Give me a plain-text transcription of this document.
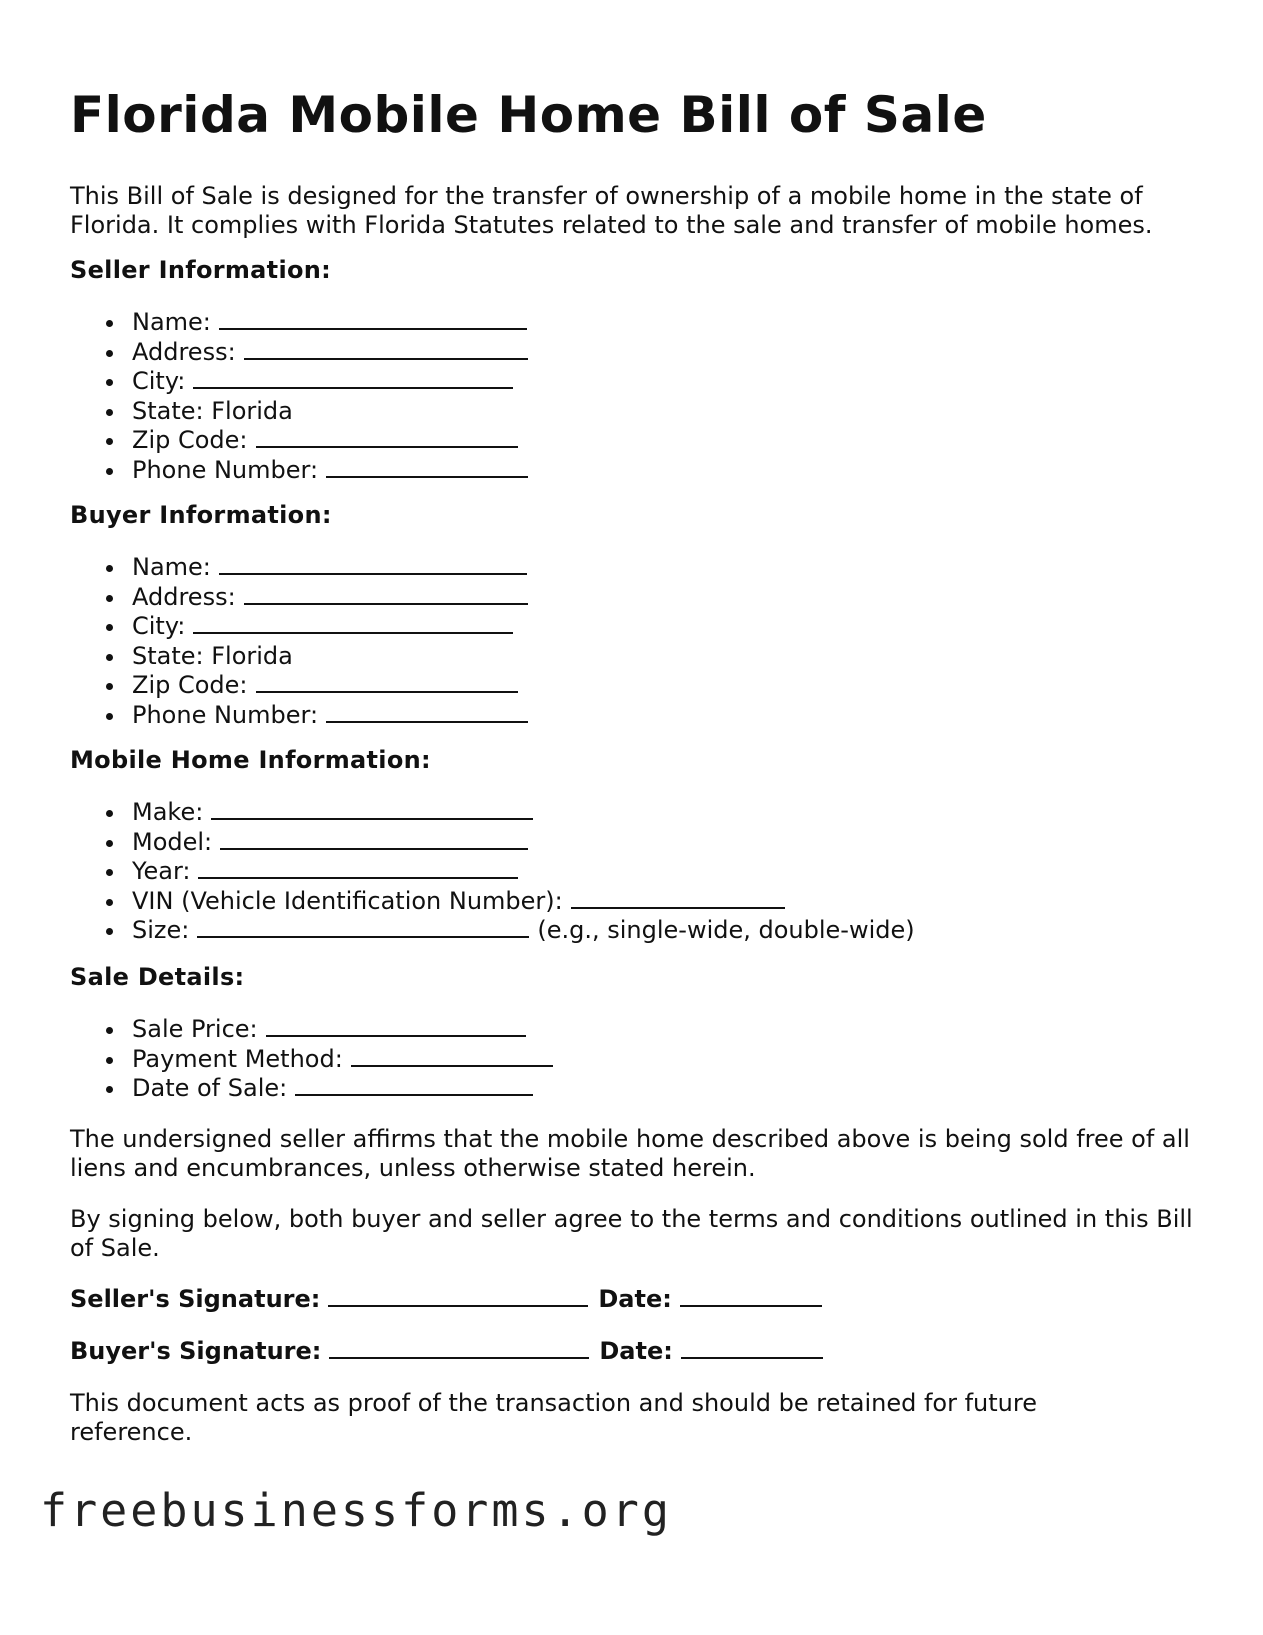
Florida Mobile Home Bill of Sale

This Bill of Sale is designed for the transfer of ownership of a mobile home in the state of Florida. It complies with Florida Statutes related to the sale and transfer of mobile homes.

Seller Information:
Name:
Address:
City:
State: Florida
Zip Code:
Phone Number:
Buyer Information:
Name:
Address:
City:
State: Florida
Zip Code:
Phone Number:
Mobile Home Information:
Make:
Model:
Year:
VIN (Vehicle Identification Number):
Size:	(e.g., single-wide, double-wide)
Sale Details:
Sale Price:
Payment Method:
Date of Sale:

The undersigned seller affirms that the mobile home described above is being sold free of all liens and encumbrances, unless otherwise stated herein.

By signing below, both buyer and seller agree to the terms and conditions outlined in this Bill of Sale.

Seller's Signature:	Date:
Buyer's Signature:	Date:

This document acts as proof of the transaction and should be retained for future reference.

freebusinessforms.org
